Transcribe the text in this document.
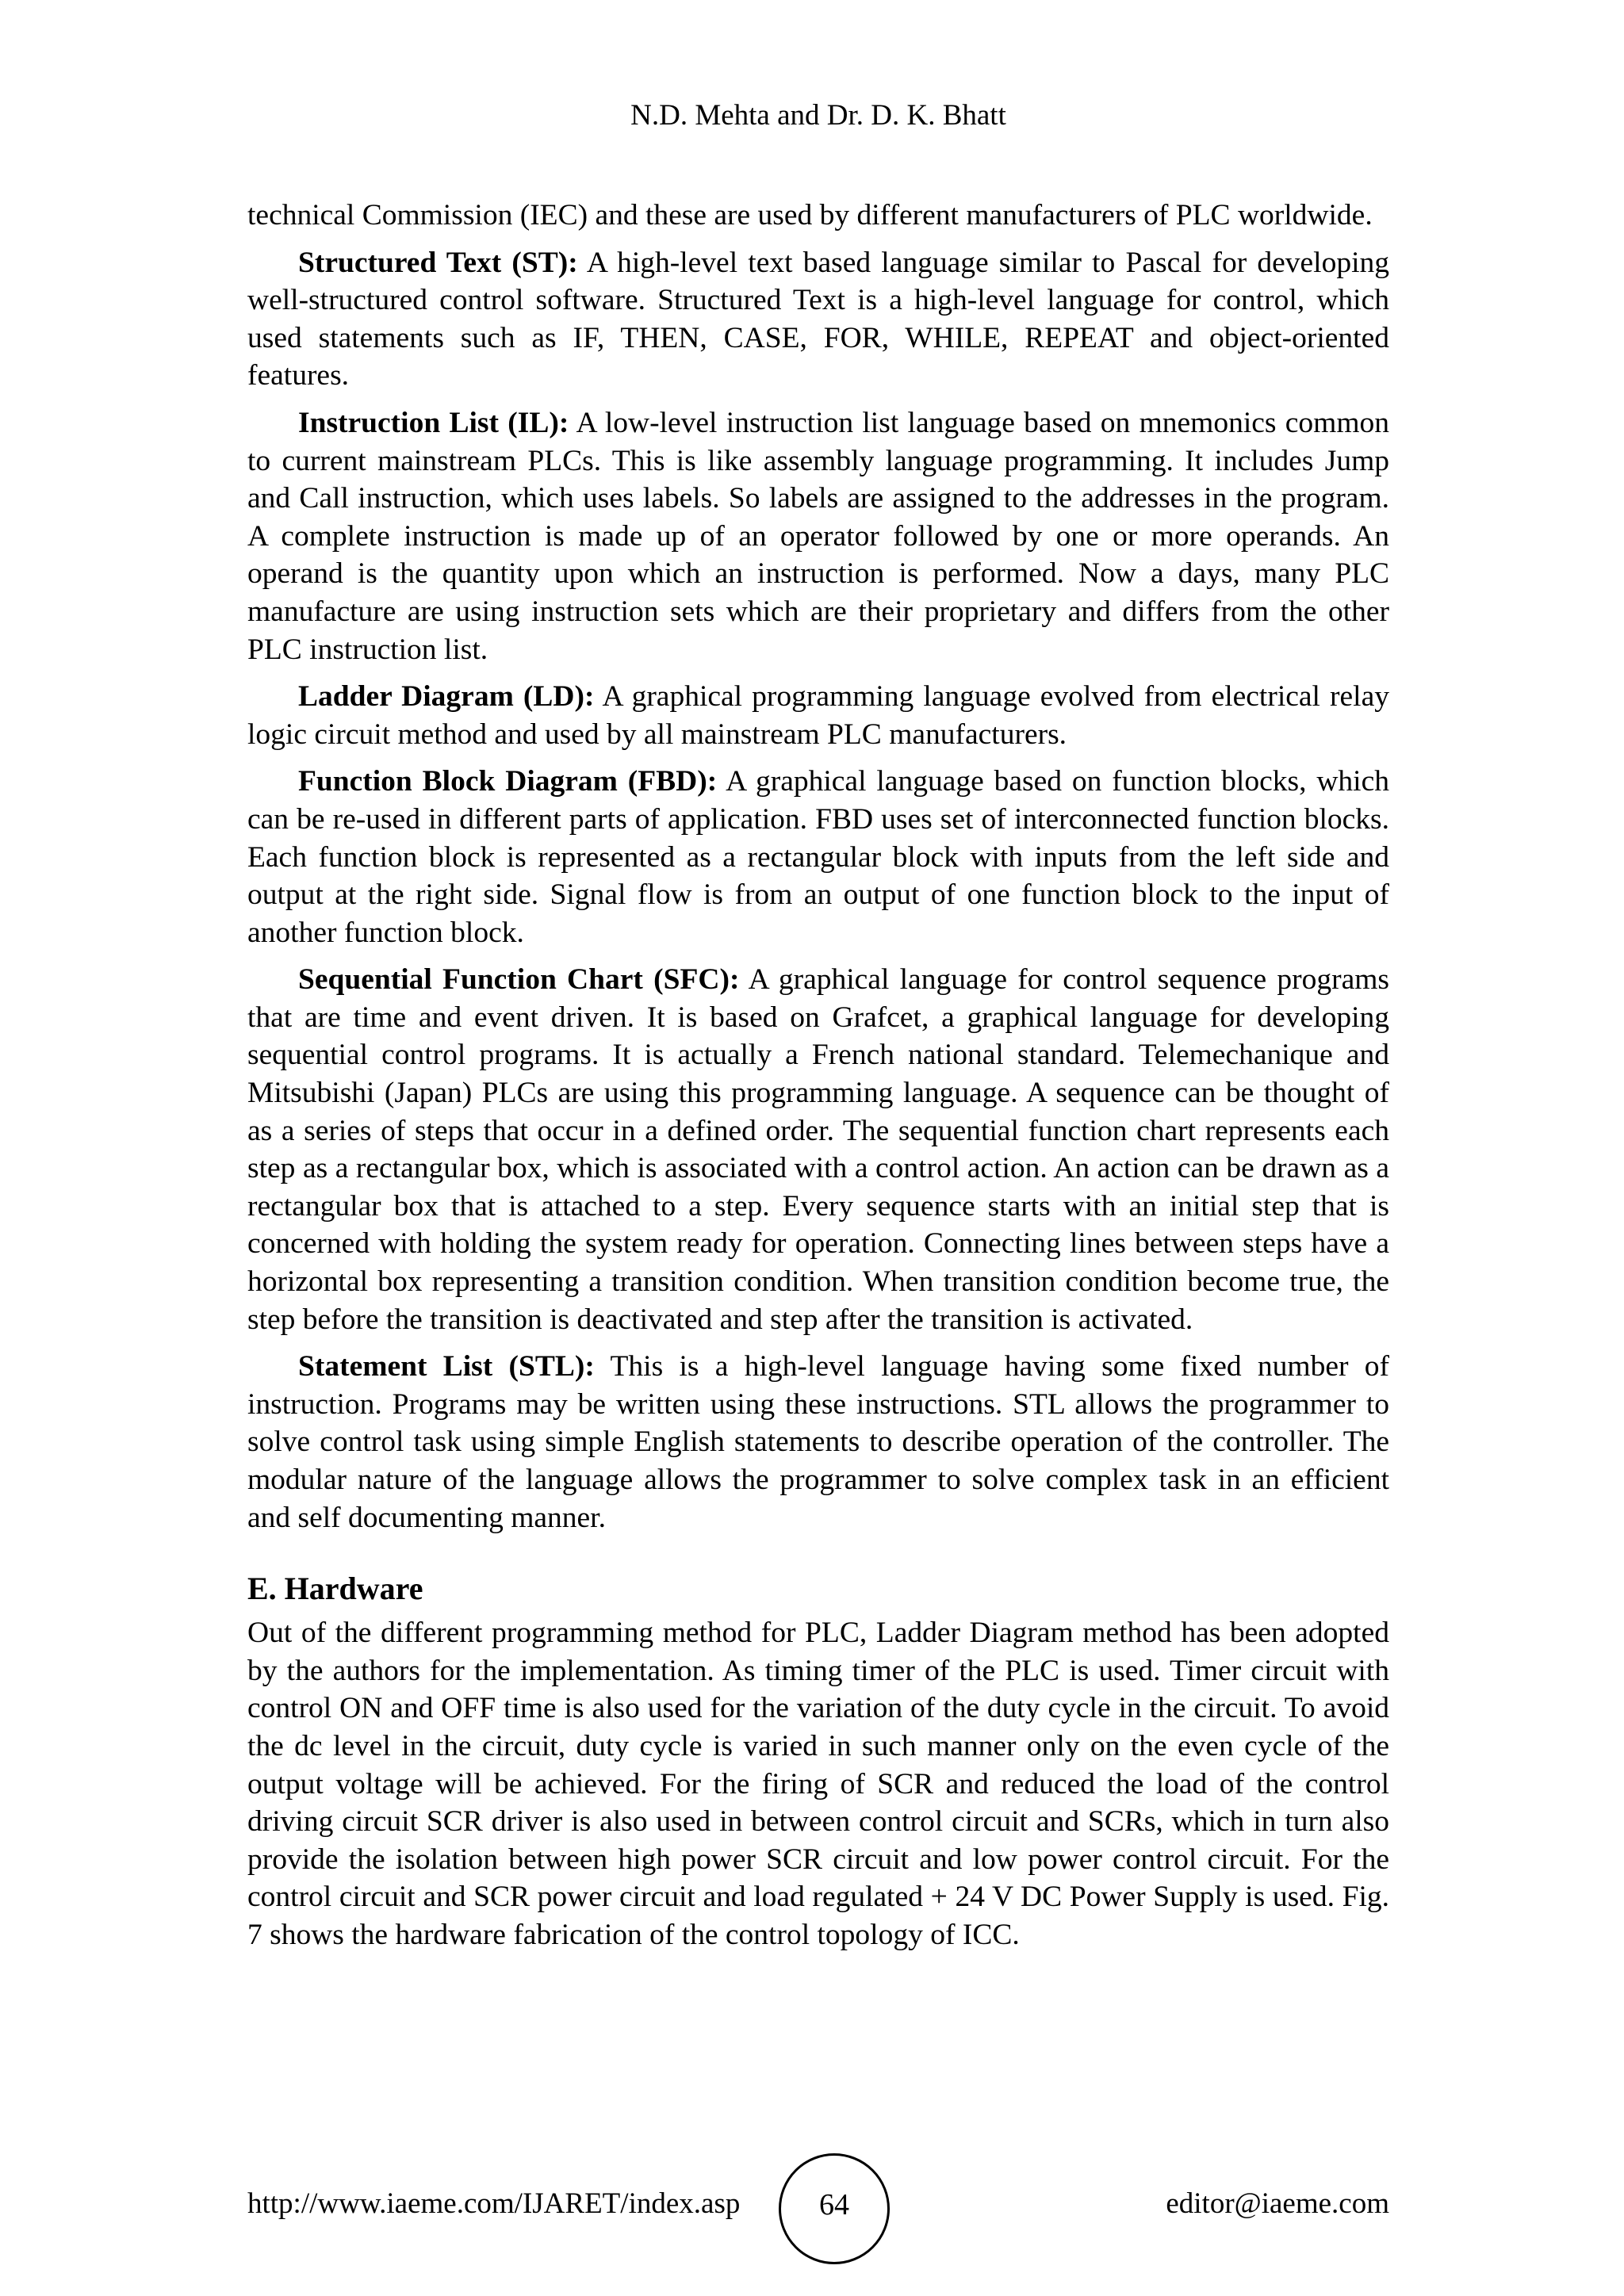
N.D. Mehta and Dr. D. K. Bhatt

technical Commission (IEC) and these are used by different manufacturers of PLC worldwide.

Structured Text (ST): A high-level text based language similar to Pascal for developing well-structured control software. Structured Text is a high-level language for control, which used statements such as IF, THEN, CASE, FOR, WHILE, REPEAT and object-oriented features.

Instruction List (IL): A low-level instruction list language based on mnemonics common to current mainstream PLCs. This is like assembly language programming. It includes Jump and Call instruction, which uses labels. So labels are assigned to the addresses in the program. A complete instruction is made up of an operator followed by one or more operands. An operand is the quantity upon which an instruction is performed. Now a days, many PLC manufacture are using instruction sets which are their proprietary and differs from the other PLC instruction list.

Ladder Diagram (LD): A graphical programming language evolved from electrical relay logic circuit method and used by all mainstream PLC manufacturers.

Function Block Diagram (FBD): A graphical language based on function blocks, which can be re-used in different parts of application. FBD uses set of interconnected function blocks. Each function block is represented as a rectangular block with inputs from the left side and output at the right side. Signal flow is from an output of one function block to the input of another function block.

Sequential Function Chart (SFC): A graphical language for control sequence programs that are time and event driven. It is based on Grafcet, a graphical language for developing sequential control programs. It is actually a French national standard. Telemechanique and Mitsubishi (Japan) PLCs are using this programming language. A sequence can be thought of as a series of steps that occur in a defined order. The sequential function chart represents each step as a rectangular box, which is associated with a control action. An action can be drawn as a rectangular box that is attached to a step. Every sequence starts with an initial step that is concerned with holding the system ready for operation. Connecting lines between steps have a horizontal box representing a transition condition. When transition condition become true, the step before the transition is deactivated and step after the transition is activated.

Statement List (STL): This is a high-level language having some fixed number of instruction. Programs may be written using these instructions. STL allows the programmer to solve control task using simple English statements to describe operation of the controller. The modular nature of the language allows the programmer to solve complex task in an efficient and self documenting manner.

E. Hardware

Out of the different programming method for PLC, Ladder Diagram method has been adopted by the authors for the implementation. As timing timer of the PLC is used. Timer circuit with control ON and OFF time is also used for the variation of the duty cycle in the circuit. To avoid the dc level in the circuit, duty cycle is varied in such manner only on the even cycle of the output voltage will be achieved. For the firing of SCR and reduced the load of the control driving circuit SCR driver is also used in between control circuit and SCRs, which in turn also provide the isolation between high power SCR circuit and low power control circuit. For the control circuit and SCR power circuit and load regulated + 24 V DC Power Supply is used. Fig. 7 shows the hardware fabrication of the control topology of ICC.

http://www.iaeme.com/IJARET/index.asp	64	editor@iaeme.com
